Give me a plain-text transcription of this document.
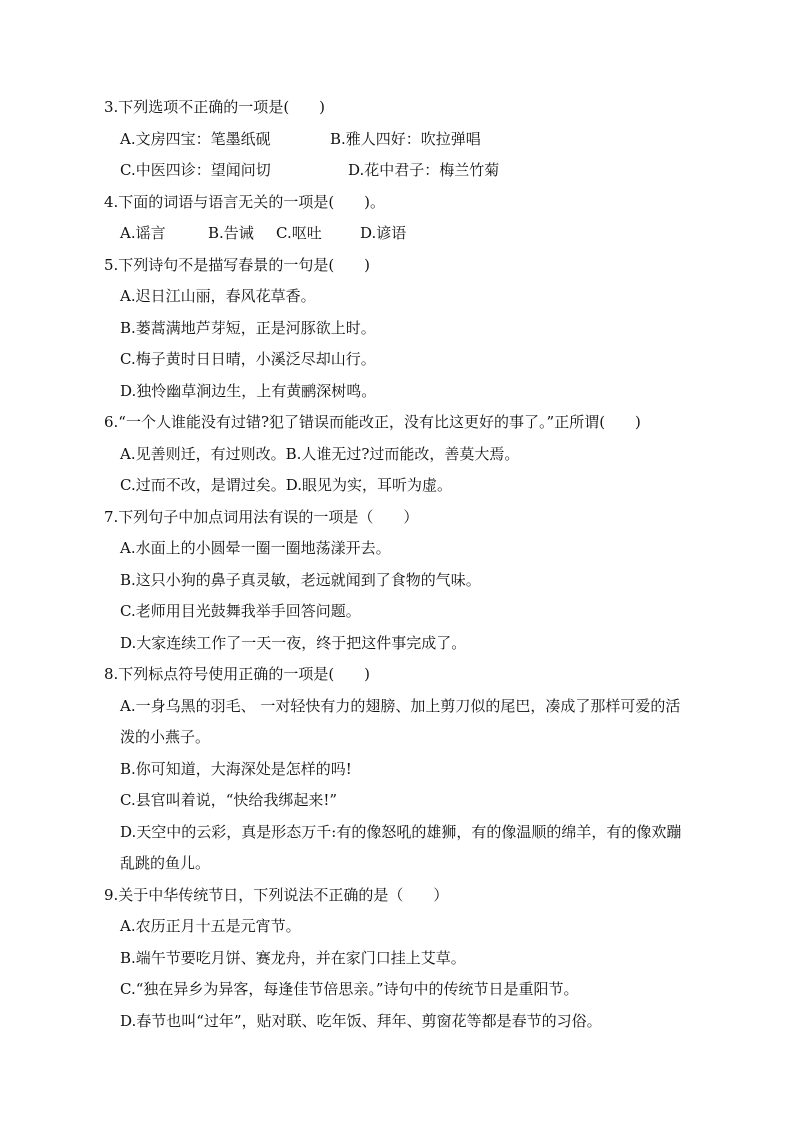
3.下列选项不正确的一项是(　　)
A.文房四宝：笔墨纸砚	B.雅人四好：吹拉弹唱
C.中医四诊：望闻问切	D.花中君子：梅兰竹菊
4.下面的词语与语言无关的一项是(　　)。
A.谣言	B.告诫	C.呕吐	D.谚语
5.下列诗句不是描写春景的一句是(　　)
A.迟日江山丽，春风花草香。
B.蒌蒿满地芦芽短，正是河豚欲上时。
C.梅子黄时日日晴，小溪泛尽却山行。
D.独怜幽草涧边生，上有黄鹂深树鸣。
6.“一个人谁能没有过错?犯了错误而能改正，没有比这更好的事了。”正所谓(　　)
A.见善则迁，有过则改。B.人谁无过?过而能改，善莫大焉。
C.过而不改，是谓过矣。D.眼见为实，耳听为虚。
7.下列句子中加点词用法有误的一项是（　　）
A.水面上的小圆晕一圈一圈地荡漾开去。
B.这只小狗的鼻子真灵敏，老远就闻到了食物的气味。
C.老师用目光鼓舞我举手回答问题。
D.大家连续工作了一天一夜，终于把这件事完成了。
8.下列标点符号使用正确的一项是(　　)
A.一身乌黑的羽毛、 一对轻快有力的翅膀、加上剪刀似的尾巴，凑成了那样可爱的活
泼的小燕子。
B.你可知道，大海深处是怎样的吗!
C.县官叫着说，“快给我绑起来!”
D.天空中的云彩，真是形态万千:有的像怒吼的雄狮，有的像温顺的绵羊，有的像欢蹦
乱跳的鱼儿。
9.关于中华传统节日，下列说法不正确的是（　　）
A.农历正月十五是元宵节。
B.端午节要吃月饼、赛龙舟，并在家门口挂上艾草。
C.“独在异乡为异客，每逢佳节倍思亲。”诗句中的传统节日是重阳节。
D.春节也叫“过年”，贴对联、吃年饭、拜年、剪窗花等都是春节的习俗。
